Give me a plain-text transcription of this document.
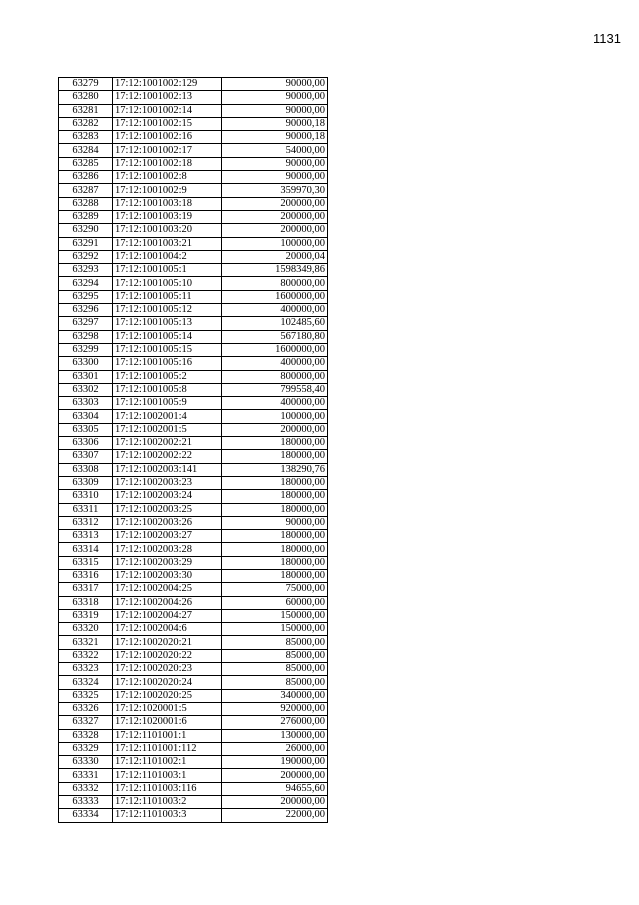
1131
63279	17:12:1001002:129	90000,00
63280	17:12:1001002:13	90000,00
63281	17:12:1001002:14	90000,00
63282	17:12:1001002:15	90000,18
63283	17:12:1001002:16	90000,18
63284	17:12:1001002:17	54000,00
63285	17:12:1001002:18	90000,00
63286	17:12:1001002:8	90000,00
63287	17:12:1001002:9	359970,30
63288	17:12:1001003:18	200000,00
63289	17:12:1001003:19	200000,00
63290	17:12:1001003:20	200000,00
63291	17:12:1001003:21	100000,00
63292	17:12:1001004:2	20000,04
63293	17:12:1001005:1	1598349,86
63294	17:12:1001005:10	800000,00
63295	17:12:1001005:11	1600000,00
63296	17:12:1001005:12	400000,00
63297	17:12:1001005:13	102485,60
63298	17:12:1001005:14	567180,80
63299	17:12:1001005:15	1600000,00
63300	17:12:1001005:16	400000,00
63301	17:12:1001005:2	800000,00
63302	17:12:1001005:8	799558,40
63303	17:12:1001005:9	400000,00
63304	17:12:1002001:4	100000,00
63305	17:12:1002001:5	200000,00
63306	17:12:1002002:21	180000,00
63307	17:12:1002002:22	180000,00
63308	17:12:1002003:141	138290,76
63309	17:12:1002003:23	180000,00
63310	17:12:1002003:24	180000,00
63311	17:12:1002003:25	180000,00
63312	17:12:1002003:26	90000,00
63313	17:12:1002003:27	180000,00
63314	17:12:1002003:28	180000,00
63315	17:12:1002003:29	180000,00
63316	17:12:1002003:30	180000,00
63317	17:12:1002004:25	75000,00
63318	17:12:1002004:26	60000,00
63319	17:12:1002004:27	150000,00
63320	17:12:1002004:6	150000,00
63321	17:12:1002020:21	85000,00
63322	17:12:1002020:22	85000,00
63323	17:12:1002020:23	85000,00
63324	17:12:1002020:24	85000,00
63325	17:12:1002020:25	340000,00
63326	17:12:1020001:5	920000,00
63327	17:12:1020001:6	276000,00
63328	17:12:1101001:1	130000,00
63329	17:12:1101001:112	26000,00
63330	17:12:1101002:1	190000,00
63331	17:12:1101003:1	200000,00
63332	17:12:1101003:116	94655,60
63333	17:12:1101003:2	200000,00
63334	17:12:1101003:3	22000,00
